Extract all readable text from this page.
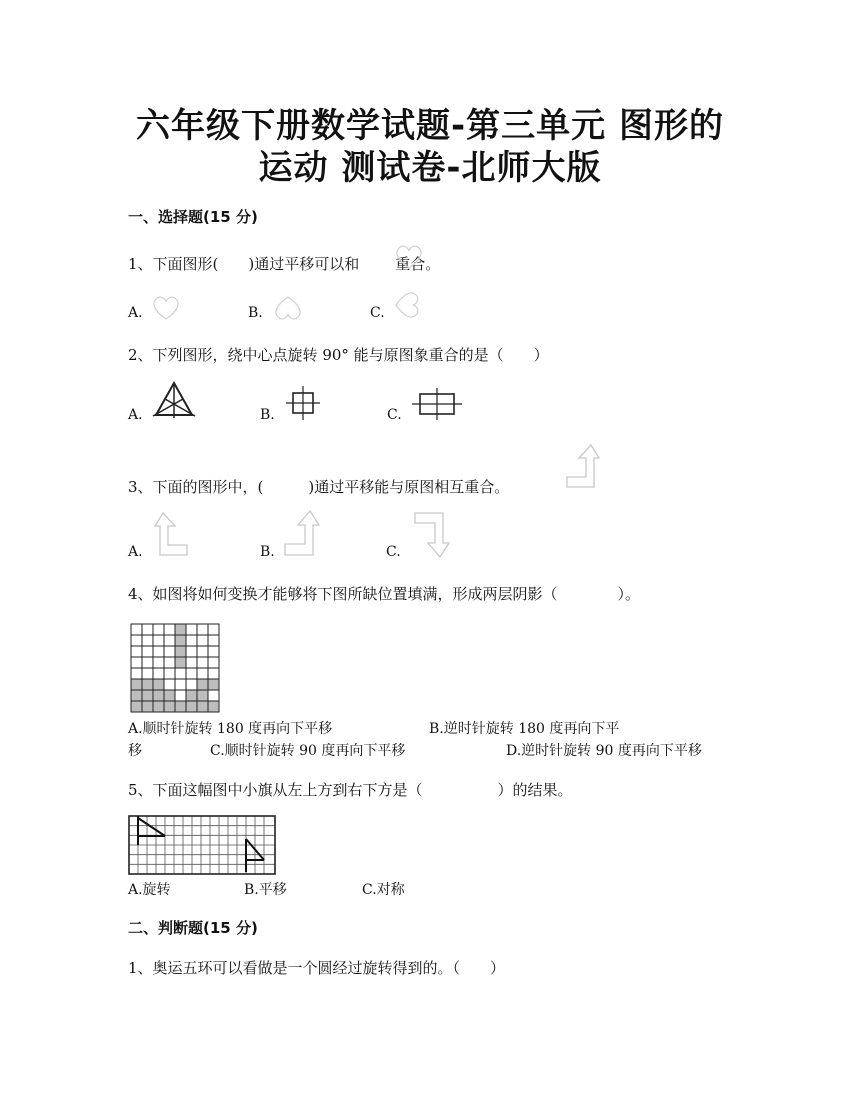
六年级下册数学试题-第三单元 图形的
运动 测试卷-北师大版
一、选择题(15 分)
1、下面图形(　　)通过平移可以和 重合。
A.	B.	C.
2、下列图形，绕中心点旋转 90° 能与原图象重合的是（　　）
A.	B.	C.
3、下面的图形中，(　　　)通过平移能与原图相互重合。
A.	B.	C.
4、如图将如何变换才能够将下图所缺位置填满，形成两层阴影（　　　　）。
A.顺时针旋转 180 度再向下平移	B.逆时针旋转 180 度再向下平
移	C.顺时针旋转 90 度再向下平移	D.逆时针旋转 90 度再向下平移
5、下面这幅图中小旗从左上方到右下方是（　　　　　）的结果。
A.旋转	B.平移	C.对称
二、判断题(15 分)
1、奥运五环可以看做是一个圆经过旋转得到的。（　　）
